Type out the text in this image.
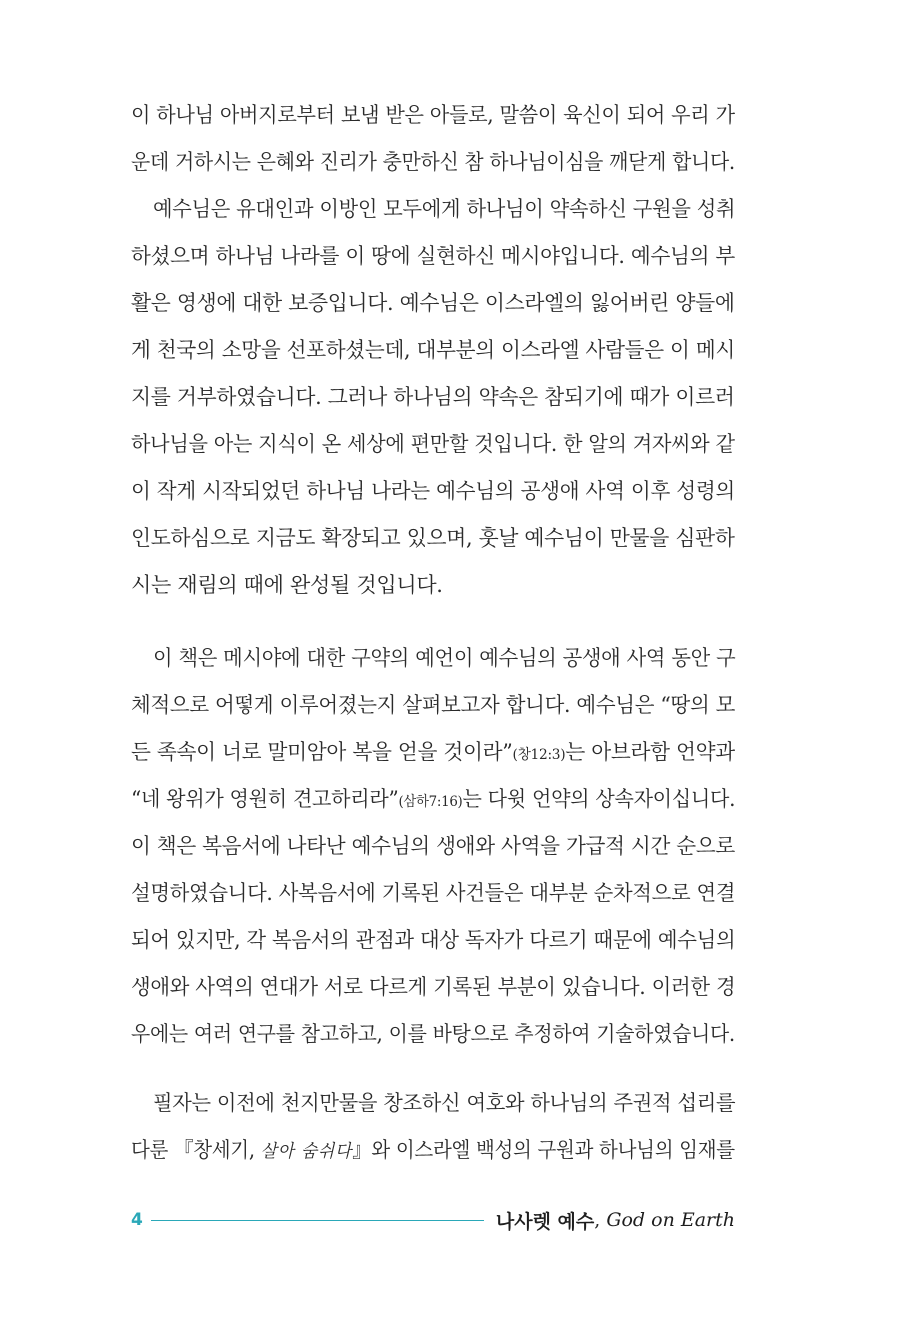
이 하나님 아버지로부터 보냄 받은 아들로, 말씀이 육신이 되어 우리 가
운데 거하시는 은혜와 진리가 충만하신 참 하나님이심을 깨닫게 합니다.
예수님은 유대인과 이방인 모두에게 하나님이 약속하신 구원을 성취
하셨으며 하나님 나라를 이 땅에 실현하신 메시야입니다. 예수님의 부
활은 영생에 대한 보증입니다. 예수님은 이스라엘의 잃어버린 양들에
게 천국의 소망을 선포하셨는데, 대부분의 이스라엘 사람들은 이 메시
지를 거부하였습니다. 그러나 하나님의 약속은 참되기에 때가 이르러
하나님을 아는 지식이 온 세상에 편만할 것입니다. 한 알의 겨자씨와 같
이 작게 시작되었던 하나님 나라는 예수님의 공생애 사역 이후 성령의
인도하심으로 지금도 확장되고 있으며, 훗날 예수님이 만물을 심판하
시는 재림의 때에 완성될 것입니다.
이 책은 메시야에 대한 구약의 예언이 예수님의 공생애 사역 동안 구
체적으로 어떻게 이루어졌는지 살펴보고자 합니다. 예수님은 “땅의 모
든 족속이 너로 말미암아 복을 얻을 것이라”(창12:3)는 아브라함 언약과
“네 왕위가 영원히 견고하리라”(삼하7:16)는 다윗 언약의 상속자이십니다.
이 책은 복음서에 나타난 예수님의 생애와 사역을 가급적 시간 순으로
설명하였습니다. 사복음서에 기록된 사건들은 대부분 순차적으로 연결
되어 있지만, 각 복음서의 관점과 대상 독자가 다르기 때문에 예수님의
생애와 사역의 연대가 서로 다르게 기록된 부분이 있습니다. 이러한 경
우에는 여러 연구를 참고하고, 이를 바탕으로 추정하여 기술하였습니다.
필자는 이전에 천지만물을 창조하신 여호와 하나님의 주권적 섭리를
다룬 『창세기, 살아 숨쉬다』와 이스라엘 백성의 구원과 하나님의 임재를
4	나사렛 예수 , God on Earth
